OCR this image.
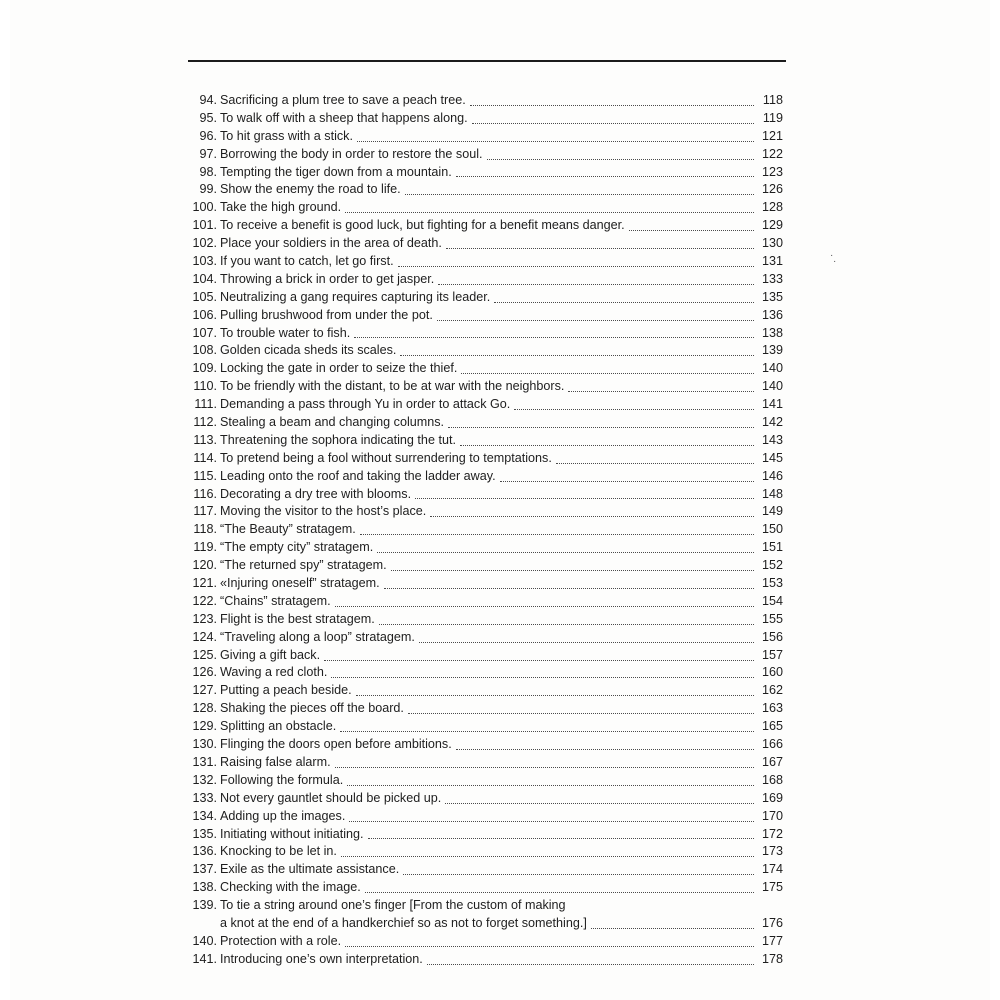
94. Sacrificing a plum tree to save a peach tree.	118
95. To walk off with a sheep that happens along.	119
96. To hit grass with a stick.	121
97. Borrowing the body in order to restore the soul.	122
98. Tempting the tiger down from a mountain.	123
99. Show the enemy the road to life.	126
100. Take the high ground.	128
101. To receive a benefit is good luck, but fighting for a benefit means danger.	129
102. Place your soldiers in the area of death.	130
103. If you want to catch, let go first.	131
104. Throwing a brick in order to get jasper.	133
105. Neutralizing a gang requires capturing its leader.	135
106. Pulling brushwood from under the pot.	136
107. To trouble water to fish.	138
108. Golden cicada sheds its scales.	139
109. Locking the gate in order to seize the thief.	140
110. To be friendly with the distant, to be at war with the neighbors.	140
111. Demanding a pass through Yu in order to attack Go.	141
112. Stealing a beam and changing columns.	142
113. Threatening the sophora indicating the tut.	143
114. To pretend being a fool without surrendering to temptations.	145
115. Leading onto the roof and taking the ladder away.	146
116. Decorating a dry tree with blooms.	148
117. Moving the visitor to the host’s place.	149
118. “The Beauty” stratagem.	150
119. “The empty city” stratagem.	151
120. “The returned spy” stratagem.	152
121. «Injuring oneself” stratagem.	153
122. “Chains” stratagem.	154
123. Flight is the best stratagem.	155
124. “Traveling along a loop” stratagem.	156
125. Giving a gift back.	157
126. Waving a red cloth.	160
127. Putting a peach beside.	162
128. Shaking the pieces off the board.	163
129. Splitting an obstacle.	165
130. Flinging the doors open before ambitions.	166
131. Raising false alarm.	167
132. Following the formula.	168
133. Not every gauntlet should be picked up.	169
134. Adding up the images.	170
135. Initiating without initiating.	172
136. Knocking to be let in.	173
137. Exile as the ultimate assistance.	174
138. Checking with the image.	175
139. To tie a string around one’s finger [From the custom of making
a knot at the end of a handkerchief so as not to forget something.]	176
140. Protection with a role.	177
141. Introducing one’s own interpretation.	178
·
·
